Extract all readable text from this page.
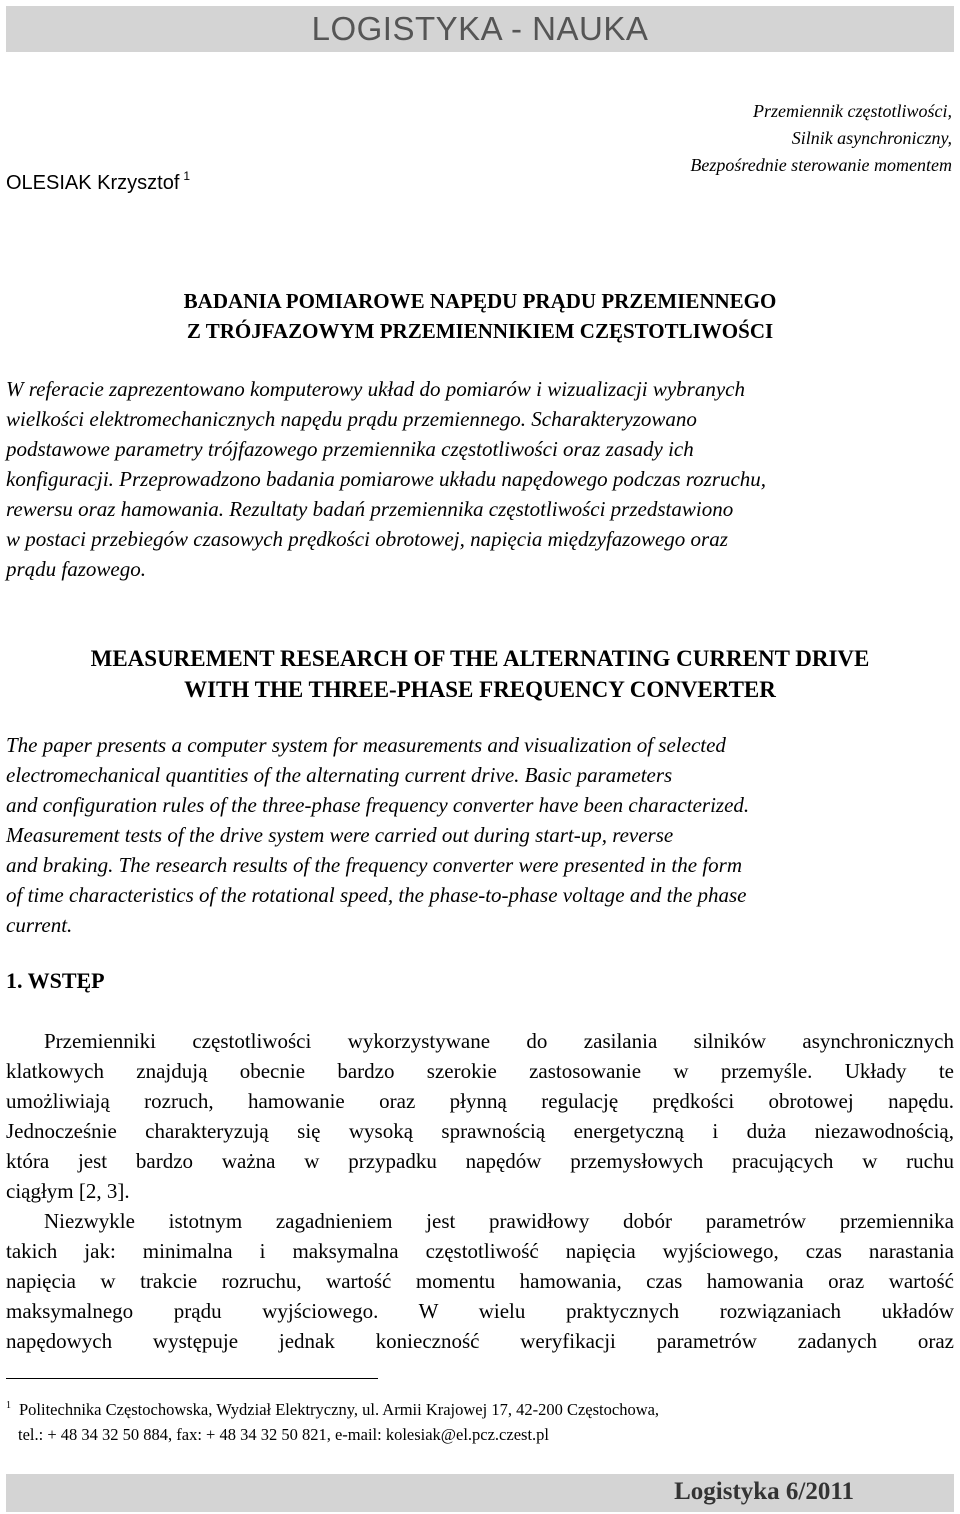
LOGISTYKA - NAUKA
Przemiennik częstotliwości,
Silnik asynchroniczny,
Bezpośrednie sterowanie momentem
OLESIAK Krzysztof $^1$
BADANIA POMIAROWE NAPĘDU PRĄDU PRZEMIENNEGO
Z TRÓJFAZOWYM PRZEMIENNIKIEM CZĘSTOTLIWOŚCI
W referacie zaprezentowano komputerowy układ do pomiarów i wizualizacji wybranych
wielkości elektromechanicznych napędu prądu przemiennego. Scharakteryzowano
podstawowe parametry trójfazowego przemiennika częstotliwości oraz zasady ich
konfiguracji. Przeprowadzono badania pomiarowe układu napędowego podczas rozruchu,
rewersu oraz hamowania. Rezultaty badań przemiennika częstotliwości przedstawiono
w postaci przebiegów czasowych prędkości obrotowej, napięcia międzyfazowego oraz
prądu fazowego.
MEASUREMENT RESEARCH OF THE ALTERNATING CURRENT DRIVE
WITH THE THREE-PHASE FREQUENCY CONVERTER
The paper presents a computer system for measurements and visualization of selected
electromechanical quantities of the alternating current drive. Basic parameters
and configuration rules of the three-phase frequency converter have been characterized.
Measurement tests of the drive system were carried out during start-up, reverse
and braking. The research results of the frequency converter were presented in the form
of time characteristics of the rotational speed, the phase-to-phase voltage and the phase
current.
1. WSTĘP
Przemienniki częstotliwości wykorzystywane do zasilania silników asynchronicznych
klatkowych znajdują obecnie bardzo szerokie zastosowanie w przemyśle. Układy te
umożliwiają rozruch, hamowanie oraz płynną regulację prędkości obrotowej napędu.
Jednocześnie charakteryzują się wysoką sprawnością energetyczną i duża niezawodnością,
która jest bardzo ważna w przypadku napędów przemysłowych pracujących w ruchu
ciągłym [2, 3].
Niezwykle istotnym zagadnieniem jest prawidłowy dobór parametrów przemiennika
takich jak: minimalna i maksymalna częstotliwość napięcia wyjściowego, czas narastania
napięcia w trakcie rozruchu, wartość momentu hamowania, czas hamowania oraz wartość
maksymalnego prądu wyjściowego. W wielu praktycznych rozwiązaniach układów
napędowych występuje jednak konieczność weryfikacji parametrów zadanych oraz
$^1$ Politechnika Częstochowska, Wydział Elektryczny, ul. Armii Krajowej 17, 42-200 Częstochowa,
tel.: + 48 34 32 50 884, fax: + 48 34 32 50 821, e-mail: kolesiak@el.pcz.czest.pl
Logistyka 6/2011
